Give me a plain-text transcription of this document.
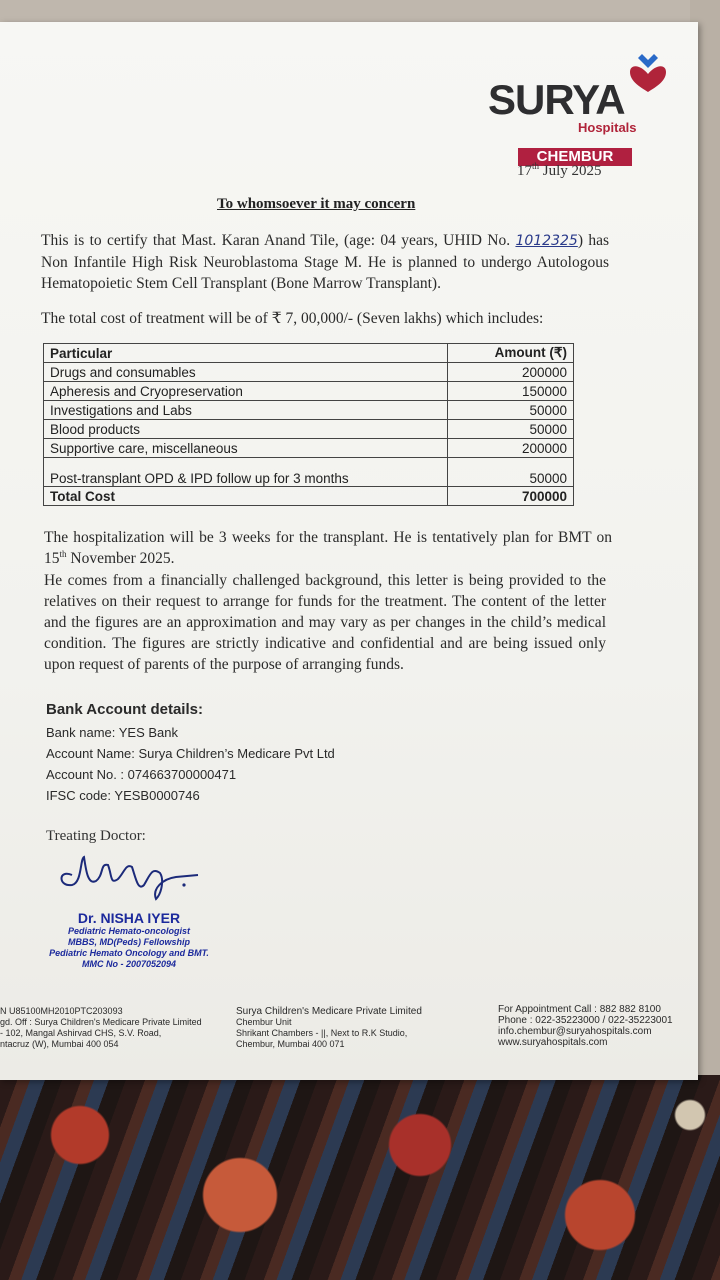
SURYA
Hospitals
CHEMBUR
17th July 2025
To whomsoever it may concern
This is to certify that Mast. Karan Anand Tile, (age: 04 years, UHID No. 1012325) has Non Infantile High Risk Neuroblastoma Stage M. He is planned to undergo Autologous Hematopoietic Stem Cell Transplant (Bone Marrow Transplant).
The total cost of treatment will be of ₹ 7, 00,000/- (Seven lakhs) which includes:
Particular	Amount (₹)
Drugs and consumables	200000
Apheresis and Cryopreservation	150000
Investigations and Labs	50000
Blood products	50000
Supportive care, miscellaneous	200000
Post-transplant OPD & IPD follow up for 3 months	50000
Total Cost	700000
The hospitalization will be 3 weeks for the transplant. He is tentatively plan for BMT on 15th November 2025.
He comes from a financially challenged background, this letter is being provided to the relatives on their request to arrange for funds for the treatment. The content of the letter and the figures are an approximation and may vary as per changes in the child’s medical condition. The figures are strictly indicative and confidential and are being issued only upon request of parents of the purpose of arranging funds.
Bank Account details:
Bank name: YES Bank
Account Name: Surya Children’s Medicare Pvt Ltd
Account No. : 074663700000471
IFSC code: YESB0000746
Treating Doctor:
Dr. NISHA IYER
Pediatric Hemato-oncologist
MBBS, MD(Peds) Fellowship
Pediatric Hemato Oncology and BMT.
MMC No - 2007052094
N U85100MH2010PTC203093
gd. Off : Surya Children's Medicare Private Limited
- 102, Mangal Ashirvad CHS, S.V. Road,
ntacruz (W), Mumbai 400 054
Surya Children's Medicare Private Limited
Chembur Unit
Shrikant Chambers - ||, Next to R.K Studio,
Chembur, Mumbai 400 071
For Appointment Call : 882 882 8100
Phone : 022-35223000 / 022-35223001
info.chembur@suryahospitals.com
www.suryahospitals.com
